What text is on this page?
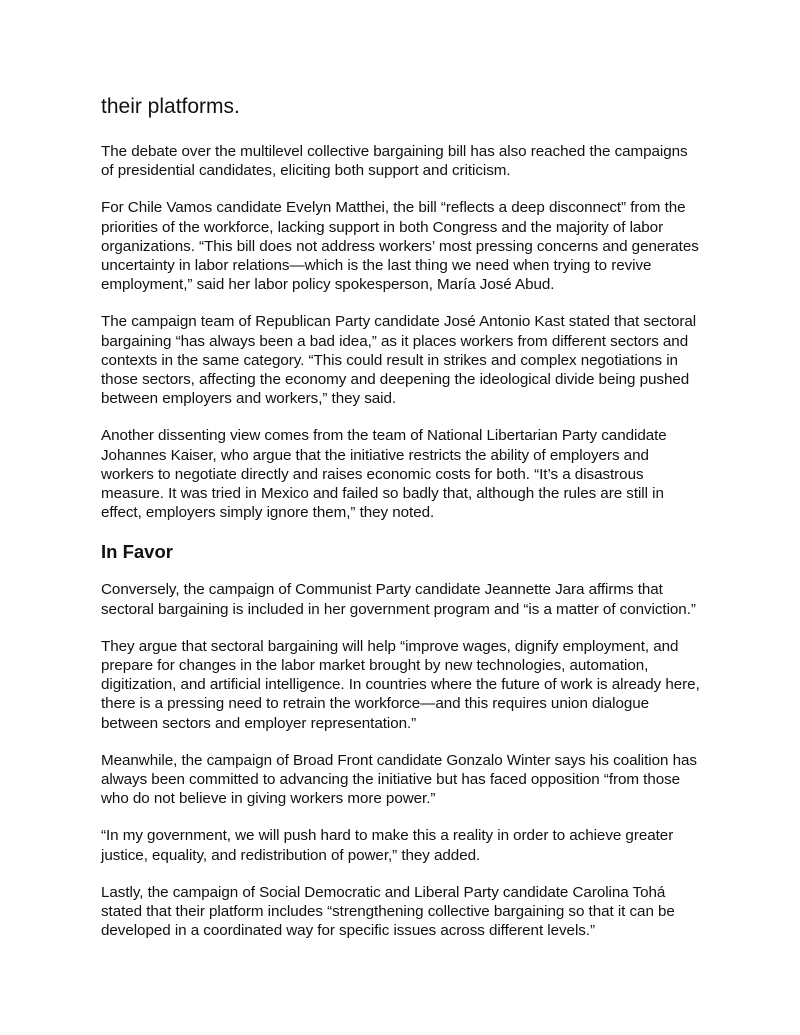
their platforms.

The debate over the multilevel collective bargaining bill has also reached the campaigns of presidential candidates, eliciting both support and criticism.

For Chile Vamos candidate Evelyn Matthei, the bill “reflects a deep disconnect” from the priorities of the workforce, lacking support in both Congress and the majority of labor organizations. “This bill does not address workers’ most pressing concerns and generates uncertainty in labor relations—which is the last thing we need when trying to revive employment,” said her labor policy spokesperson, María José Abud.

The campaign team of Republican Party candidate José Antonio Kast stated that sectoral bargaining “has always been a bad idea,” as it places workers from different sectors and contexts in the same category. “This could result in strikes and complex negotiations in those sectors, affecting the economy and deepening the ideological divide being pushed between employers and workers,” they said.

Another dissenting view comes from the team of National Libertarian Party candidate Johannes Kaiser, who argue that the initiative restricts the ability of employers and workers to negotiate directly and raises economic costs for both. “It’s a disastrous measure. It was tried in Mexico and failed so badly that, although the rules are still in effect, employers simply ignore them,” they noted.

In Favor

Conversely, the campaign of Communist Party candidate Jeannette Jara affirms that sectoral bargaining is included in her government program and “is a matter of conviction.”

They argue that sectoral bargaining will help “improve wages, dignify employment, and prepare for changes in the labor market brought by new technologies, automation, digitization, and artificial intelligence. In countries where the future of work is already here, there is a pressing need to retrain the workforce—and this requires union dialogue between sectors and employer representation.”

Meanwhile, the campaign of Broad Front candidate Gonzalo Winter says his coalition has always been committed to advancing the initiative but has faced opposition “from those who do not believe in giving workers more power.”

“In my government, we will push hard to make this a reality in order to achieve greater justice, equality, and redistribution of power,” they added.

Lastly, the campaign of Social Democratic and Liberal Party candidate Carolina Tohá stated that their platform includes “strengthening collective bargaining so that it can be developed in a coordinated way for specific issues across different levels.”
